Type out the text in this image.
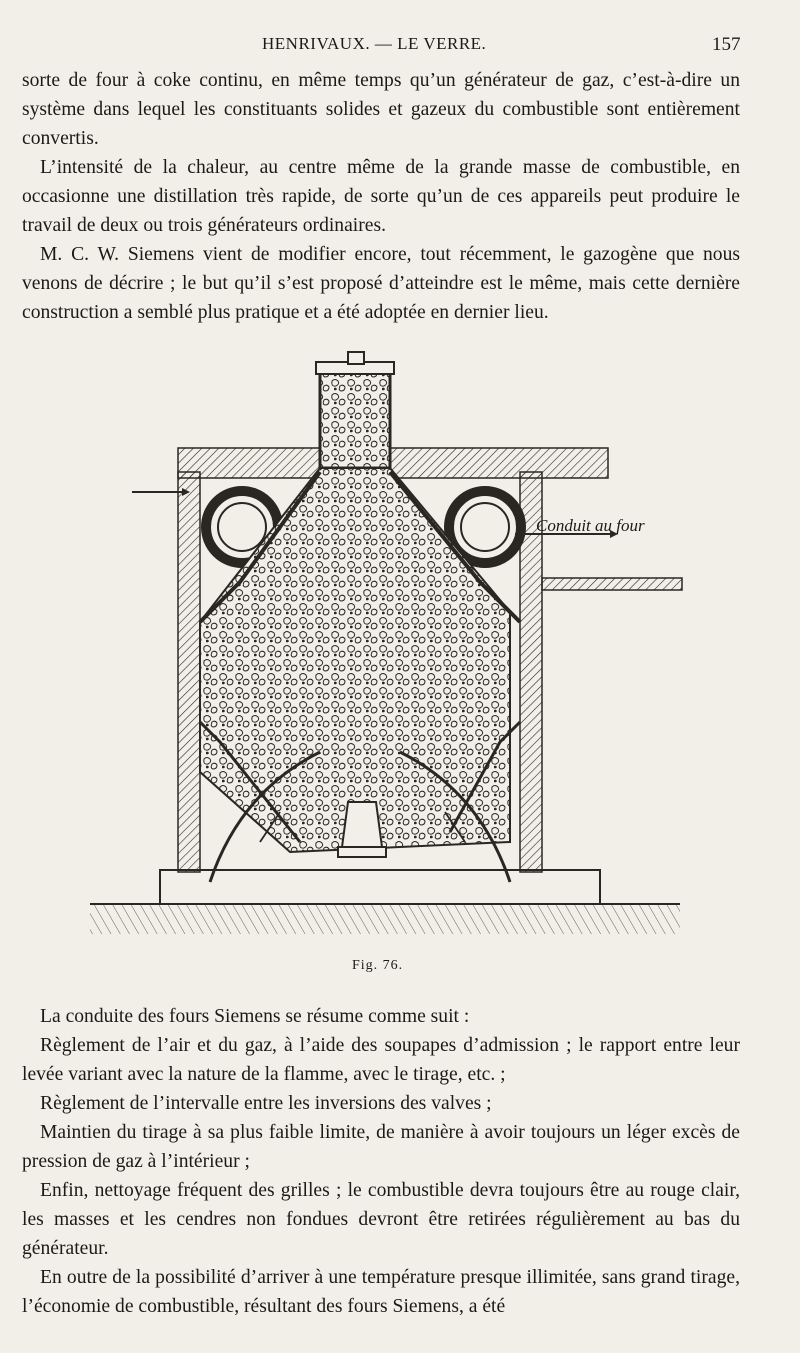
HENRIVAUX. — LE VERRE.	157

sorte de four à coke continu, en même temps qu’un générateur de gaz, c’est-à-dire un système dans lequel les constituants solides et gazeux du combustible sont entièrement convertis.

L’intensité de la chaleur, au centre même de la grande masse de combustible, en occasionne une distillation très rapide, de sorte qu’un de ces appareils peut produire le travail de deux ou trois générateurs ordinaires.

M. C. W. Siemens vient de modifier encore, tout récemment, le gazogène que nous venons de décrire ; le but qu’il s’est proposé d’atteindre est le même, mais cette dernière construction a semblé plus pratique et a été adoptée en dernier lieu.

Conduit au four
Fig. 76.

La conduite des fours Siemens se résume comme suit :

Règlement de l’air et du gaz, à l’aide des soupapes d’admission ; le rapport entre leur levée variant avec la nature de la flamme, avec le tirage, etc. ;

Règlement de l’intervalle entre les inversions des valves ;

Maintien du tirage à sa plus faible limite, de manière à avoir toujours un léger excès de pression de gaz à l’intérieur ;

Enfin, nettoyage fréquent des grilles ; le combustible devra toujours être au rouge clair, les masses et les cendres non fondues devront être retirées régulièrement au bas du générateur.

En outre de la possibilité d’arriver à une température presque illimitée, sans grand tirage, l’économie de combustible, résultant des fours Siemens, a été
